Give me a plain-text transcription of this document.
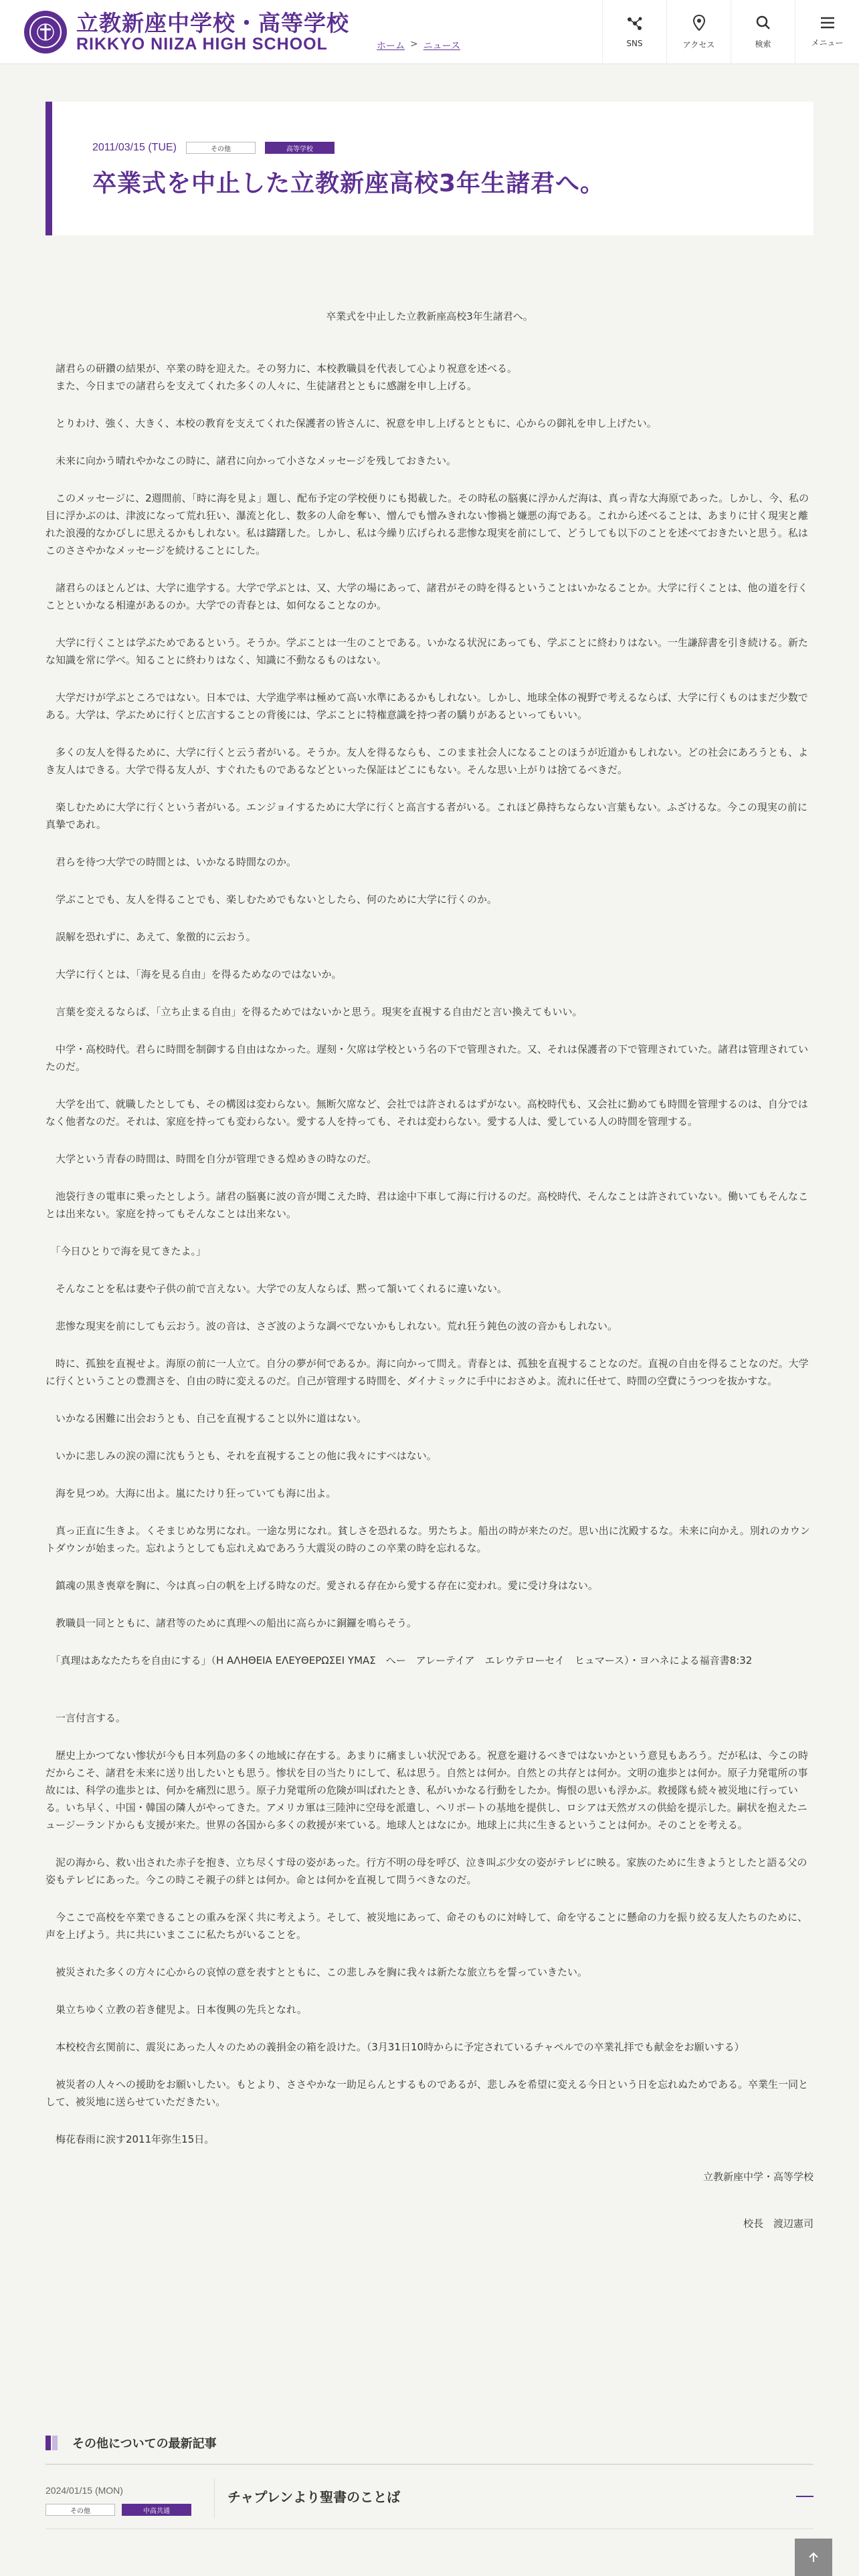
立教新座中学校・高等学校
RIKKYO NIIZA HIGH SCHOOL	ホーム > ニュース	SNS	アクセス	検索	メニュー
2011/03/15 (TUE)	その他	高等学校
卒業式を中止した立教新座高校3年生諸君へ。
卒業式を中止した立教新座高校3年生諸君へ。

　諸君らの研鑽の結果が、卒業の時を迎えた。その努力に、本校教職員を代表して心より祝意を述べる。

　また、今日までの諸君らを支えてくれた多くの人々に、生徒諸君とともに感謝を申し上げる。

　とりわけ、強く、大きく、本校の教育を支えてくれた保護者の皆さんに、祝意を申し上げるとともに、心からの御礼を申し上げたい。

　未来に向かう晴れやかなこの時に、諸君に向かって小さなメッセージを残しておきたい。

　このメッセージに、2週間前、「時に海を見よ」題し、配布予定の学校便りにも掲載した。その時私の脳裏に浮かんだ海は、真っ青な大海原であった。しかし、今、私の目に浮かぶのは、津波になって荒れ狂い、瀑流と化し、数多の人命を奪い、憎んでも憎みきれない惨禍と嫌悪の海である。これから述べることは、あまりに甘く現実と離れた浪漫的なかびしに思えるかもしれない。私は躊躇した。しかし、私は今繰り広げられる悲惨な現実を前にして、どうしても以下のことを述べておきたいと思う。私はこのささやかなメッセージを続けることにした。

　諸君らのほとんどは、大学に進学する。大学で学ぶとは、又、大学の場にあって、諸君がその時を得るということはいかなることか。大学に行くことは、他の道を行くことといかなる相違があるのか。大学での青春とは、如何なることなのか。

　大学に行くことは学ぶためであるという。そうか。学ぶことは一生のことである。いかなる状況にあっても、学ぶことに終わりはない。一生謙辞書を引き続ける。新たな知識を常に学べ。知ることに終わりはなく、知識に不動なるものはない。

　大学だけが学ぶところではない。日本では、大学進学率は極めて高い水準にあるかもしれない。しかし、地球全体の視野で考えるならば、大学に行くものはまだ少数である。大学は、学ぶために行くと広言することの背後には、学ぶことに特権意識を持つ者の驕りがあるといってもいい。

　多くの友人を得るために、大学に行くと云う者がいる。そうか。友人を得るならも、このまま社会人になることのほうが近道かもしれない。どの社会にあろうとも、よき友人はできる。大学で得る友人が、すぐれたものであるなどといった保証はどこにもない。そんな思い上がりは捨てるべきだ。

　楽しむために大学に行くという者がいる。エンジョイするために大学に行くと高言する者がいる。これほど鼻持ちならない言葉もない。ふざけるな。今この現実の前に真摯であれ。

　君らを待つ大学での時間とは、いかなる時間なのか。

　学ぶことでも、友人を得ることでも、楽しむためでもないとしたら、何のために大学に行くのか。

　誤解を恐れずに、あえて、象徴的に云おう。

　大学に行くとは、「海を見る自由」を得るためなのではないか。

　言葉を変えるならば、「立ち止まる自由」を得るためではないかと思う。現実を直視する自由だと言い換えてもいい。

　中学・高校時代。君らに時間を制御する自由はなかった。遅刻・欠席は学校という名の下で管理された。又、それは保護者の下で管理されていた。諸君は管理されていたのだ。

　大学を出て、就職したとしても、その構図は変わらない。無断欠席など、会社では許されるはずがない。高校時代も、又会社に勤めても時間を管理するのは、自分ではなく他者なのだ。それは、家庭を持っても変わらない。愛する人を持っても、それは変わらない。愛する人は、愛している人の時間を管理する。

　大学という青春の時間は、時間を自分が管理できる煌めきの時なのだ。

　池袋行きの電車に乗ったとしよう。諸君の脳裏に波の音が聞こえた時、君は途中下車して海に行けるのだ。高校時代、そんなことは許されていない。働いてもそんなことは出来ない。家庭を持ってもそんなことは出来ない。

　「今日ひとりで海を見てきたよ。」

　そんなことを私は妻や子供の前で言えない。大学での友人ならば、黙って頷いてくれるに違いない。

　悲惨な現実を前にしても云おう。波の音は、さざ波のような調べでないかもしれない。荒れ狂う鈍色の波の音かもしれない。

　時に、孤独を直視せよ。海原の前に一人立て。自分の夢が何であるか。海に向かって問え。青春とは、孤独を直視することなのだ。直視の自由を得ることなのだ。大学に行くということの豊潤さを、自由の時に変えるのだ。自己が管理する時間を、ダイナミックに手中におさめよ。流れに任せて、時間の空費にうつつを抜かすな。

　いかなる困難に出会おうとも、自己を直視すること以外に道はない。

　いかに悲しみの涙の淵に沈もうとも、それを直視することの他に我々にすべはない。

　海を見つめ。大海に出よ。嵐にたけり狂っていても海に出よ。

　真っ正直に生きよ。くそまじめな男になれ。一途な男になれ。貧しさを恐れるな。男たちよ。船出の時が来たのだ。思い出に沈殿するな。未来に向かえ。別れのカウントダウンが始まった。忘れようとしても忘れえぬであろう大震災の時のこの卒業の時を忘れるな。

　鎮魂の黒き喪章を胸に、今は真っ白の帆を上げる時なのだ。愛される存在から愛する存在に変われ。愛に受け身はない。

　教職員一同とともに、諸君等のために真理への船出に高らかに銅鑼を鳴らそう。

　「真理はあなたたちを自由にする」（Η ΑΛΗΘΕΙΑ ΕΛΕΥΘΕΡΩΣΕΙ ΥΜΑΣ　へー　アレーテイア　エレウテローセイ　ヒュマース）・ヨハネによる福音書8:32

　一言付言する。

　歴史上かつてない惨状が今も日本列島の多くの地域に存在する。あまりに痛ましい状況である。祝意を避けるべきではないかという意見もあろう。だが私は、今この時だからこそ、諸君を未来に送り出したいとも思う。惨状を目の当たりにして、私は思う。自然とは何か。自然との共存とは何か。文明の進歩とは何か。原子力発電所の事故には、科学の進歩とは、何かを痛烈に思う。原子力発電所の危険が叫ばれたとき、私がいかなる行動をしたか。悔恨の思いも浮かぶ。救援隊も続々被災地に行っている。いち早く、中国・韓国の隣人がやってきた。アメリカ軍は三陸沖に空母を派遣し、ヘリポートの基地を提供し、ロシアは天然ガスの供給を提示した。嗣状を抱えたニュージーランドからも支援が来た。世界の各国から多くの救援が来ている。地球人とはなにか。地球上に共に生きるということは何か。そのことを考える。

　泥の海から、救い出された赤子を抱き、立ち尽くす母の姿があった。行方不明の母を呼び、泣き叫ぶ少女の姿がテレビに映る。家族のために生きようとしたと語る父の姿もテレビにあった。今この時こそ親子の絆とは何か。命とは何かを直視して問うべきなのだ。

　今ここで高校を卒業できることの重みを深く共に考えよう。そして、被災地にあって、命そのものに対峙して、命を守ることに懸命の力を振り絞る友人たちのために、声を上げよう。共に共にいまここに私たちがいることを。

　被災された多くの方々に心からの哀悼の意を表すとともに、この悲しみを胸に我々は新たな旅立ちを誓っていきたい。

　巣立ちゆく立教の若き健児よ。日本復興の先兵となれ。

　本校校舎玄関前に、震災にあった人々のための義捐金の箱を設けた。（3月31日10時からに予定されているチャペルでの卒業礼拝でも献金をお願いする）

　被災者の人々への援助をお願いしたい。もとより、ささやかな一助足らんとするものであるが、悲しみを希望に変える今日という日を忘れぬためである。卒業生一同として、被災地に送らせていただきたい。

　梅花春雨に涙す2011年弥生15日。

立教新座中学・高等学校
校長　渡辺憲司
その他についての最新記事
2024/01/15 (MON)
その他	中高共通
チャプレンより聖書のことば
